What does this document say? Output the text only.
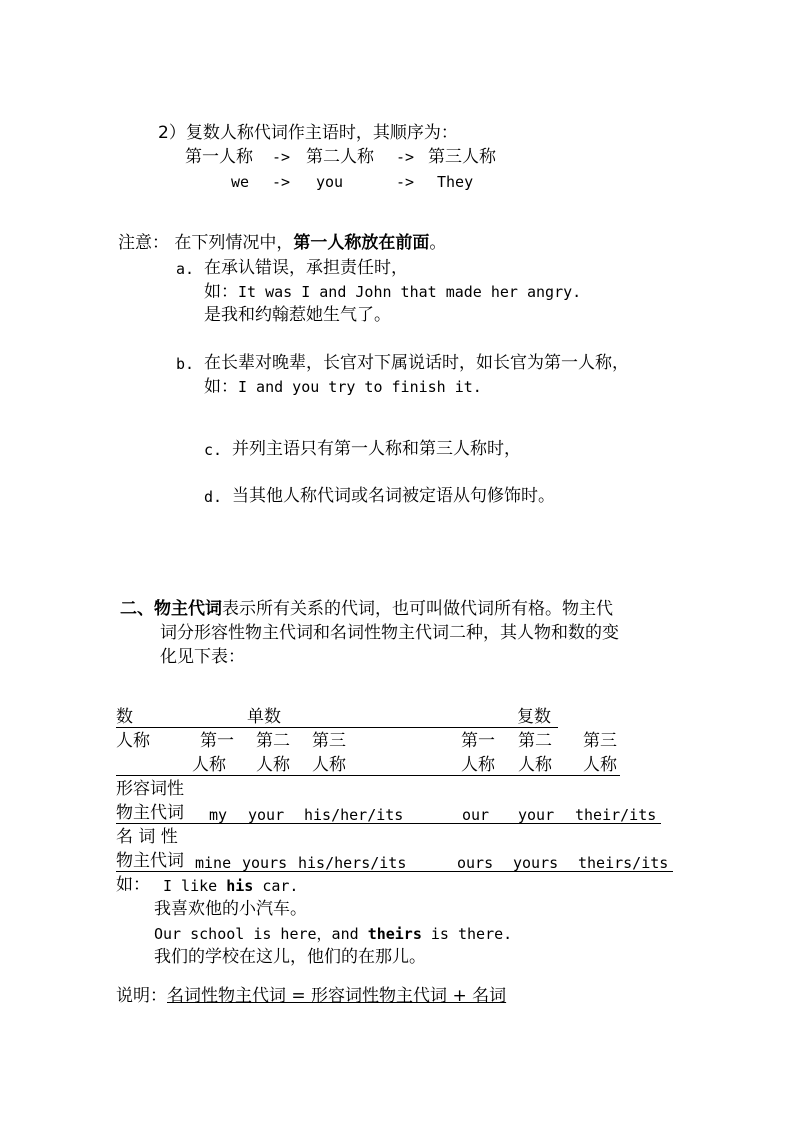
2）复数人称代词作主语时，其顺序为：
第一人称 -> 第二人称 -> 第三人称
we -> you	-> They
注意： 在下列情况中，第一人称放在前面。
a. 在承认错误，承担责任时，
如：It was I and John that made her angry.
是我和约翰惹她生气了。
b. 在长辈对晚辈，长官对下属说话时，如长官为第一人称，
如：I and you try to finish it.
c. 并列主语只有第一人称和第三人称时，
d. 当其他人称代词或名词被定语从句修饰时。
二、物主代词表示所有关系的代词，也可叫做代词所有格。物主代
词分形容性物主代词和名词性物主代词二种，其人物和数的变
化见下表：
数	单数	复数
人称	第一 第二 第三	第一 第二 第三
人称 人称 人称	人称 人称 人称
形容词性
物主代词 my your his/her/its	our your their/its
名 词 性
物主代词 mine yours his/hers/its	ours yours theirs/its
如： I like his car.
我喜欢他的小汽车。
Our school is here，and theirs is there.
我们的学校在这儿，他们的在那儿。
说明：名词性物主代词 = 形容词性物主代词 + 名词
